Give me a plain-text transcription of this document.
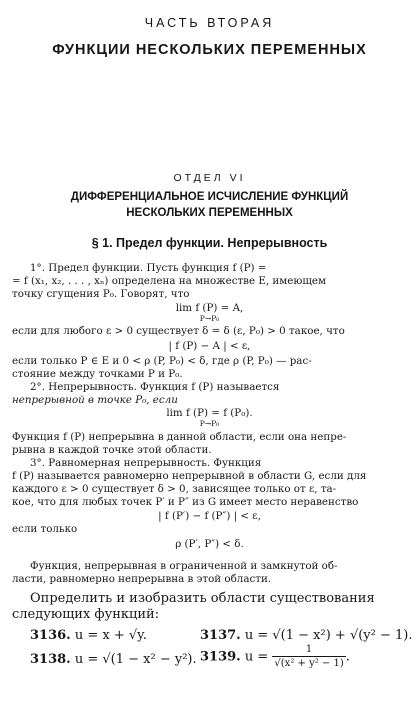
ЧАСТЬ ВТОРАЯ
ФУНКЦИИ НЕСКОЛЬКИХ ПЕРЕМЕННЫХ
ОТДЕЛ VI
ДИФФЕРЕНЦИАЛЬНОЕ ИСЧИСЛЕНИЕ ФУНКЦИЙ
НЕСКОЛЬКИХ ПЕРЕМЕННЫХ
§ 1. Предел функции. Непрерывность
1°. Предел функции. Пусть функция f (P) =
= f (x₁, x₂, . . . , xₙ) определена на множестве E, имеющем
точку сгущения P₀. Говорят, что
lim f (P) = A,
P→P₀
если для любого ε > 0 существует δ = δ (ε, P₀) > 0 такое, что
| f (P) − A | < ε,
если только P ∈ E и 0 < ρ (P, P₀) < δ, где ρ (P, P₀) — рас-
стояние между точками P и P₀.
2°. Непрерывность. Функция f (P) называется
непрерывной в точке P₀, если
lim f (P) = f (P₀).
P→P₀
Функция f (P) непрерывна в данной области, если она непре-
рывна в каждой точке этой области.
3°. Равномерная непрерывность. Функция
f (P) называется равномерно непрерывной в области G, если для
каждого ε > 0 существует δ > 0, зависящее только от ε, та-
кое, что для любых точек P′ и P″ из G имеет место неравенство
| f (P′) − f (P″) | < ε,
если только
ρ (P′, P″) < δ.
Функция, непрерывная в ограниченной и замкнутой об-
ласти, равномерно непрерывна в этой области.
Определить и изобразить области существования
следующих функций:
3136. u = x + √y.	3137. u = √(1 − x²) + √(y² − 1).
3138. u = √(1 − x² − y²). 3139. $u = \frac{1}{\text{√(x² + y² − 1)}}$ .
